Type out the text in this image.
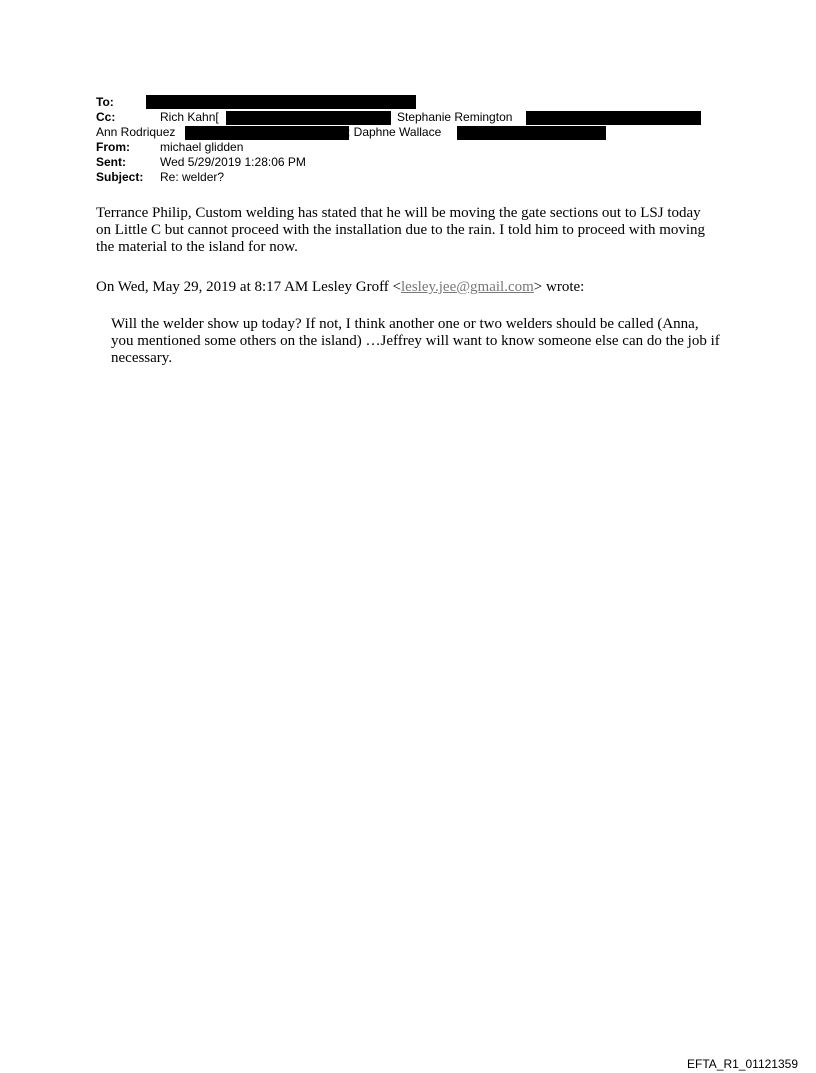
To:
Cc:	Rich Kahn[	Stephanie Remington
Ann Rodriquez	; Daphne Wallace
From:	michael glidden
Sent:	Wed 5/29/2019 1:28:06 PM
Subject: Re: welder?

Terrance Philip, Custom welding has stated that he will be moving the gate sections out to LSJ today on Little C but cannot proceed with the installation due to the rain. I told him to proceed with moving the material to the island for now.

On Wed, May 29, 2019 at 8:17 AM Lesley Groff <lesley.jee@gmail.com> wrote:

Will the welder show up today? If not, I think another one or two welders should be called (Anna, you mentioned some others on the island) …Jeffrey will want to know someone else can do the job if necessary.

EFTA_R1_01121359
